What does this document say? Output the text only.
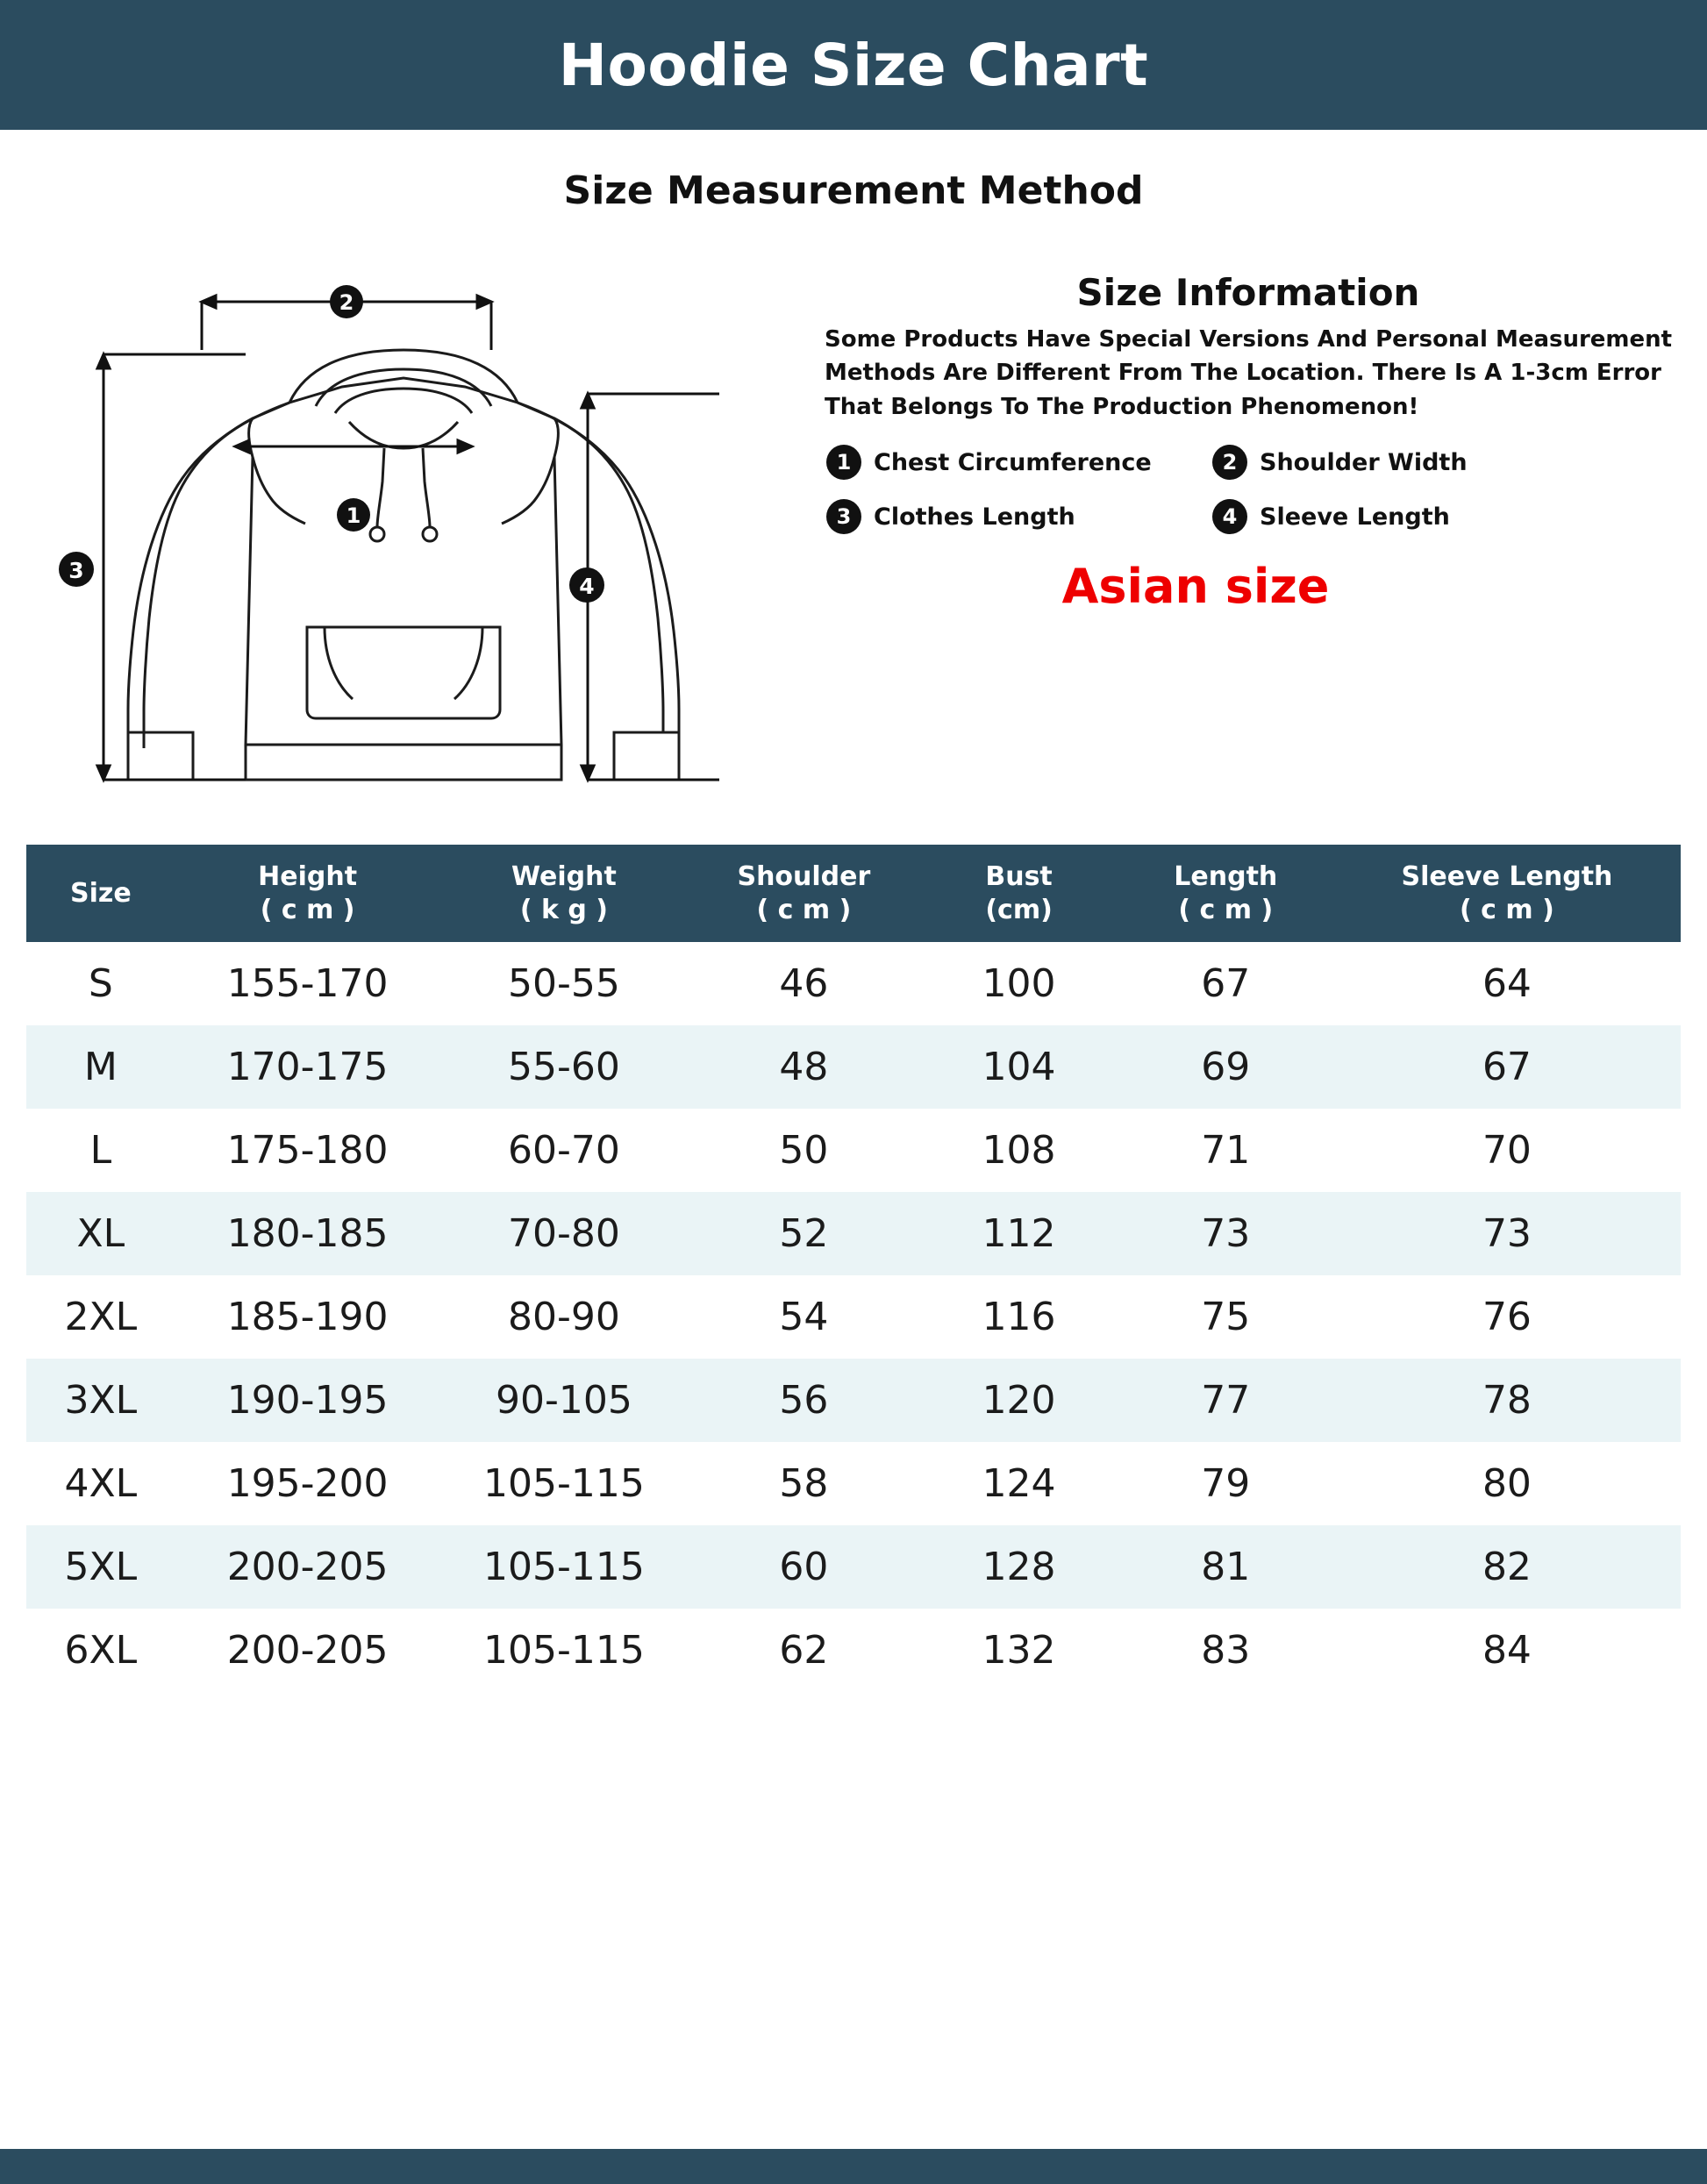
Hoodie Size Chart
Size Measurement Method
2
1
3
4
Size Information
Some Products Have Special Versions And Personal Measurement Methods Are Different From The Location. There Is A 1-3cm Error That Belongs To The Production Phenomenon!
1 Chest Circumference	2 Shoulder Width
3 Clothes Length	4 Sleeve Length
Asian size
Size

Height
( c m )

Weight
( k g )

Shoulder
( c m )

Bust
(cm)

Length
( c m )

Sleeve Length
( c m )

S	155-170	50-55	46	100	67	64
M	170-175	55-60	48	104	69	67
L	175-180	60-70	50	108	71	70
XL	180-185	70-80	52	112	73	73
2XL	185-190	80-90	54	116	75	76
3XL	190-195	90-105	56	120	77	78
4XL	195-200	105-115	58	124	79	80
5XL	200-205	105-115	60	128	81	82
6XL	200-205	105-115	62	132	83	84
